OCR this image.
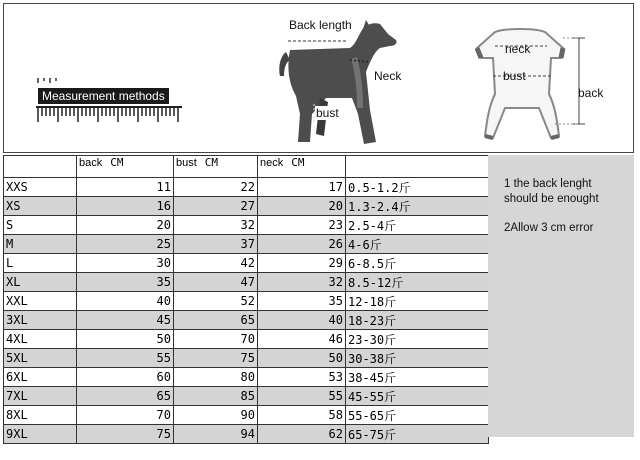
Measurement methods
Back length
Neck
bust
neck
bust
back
	back CM	bust CM	neck CM	
XXS	11	22	17	0.5-1.2斤
XS	16	27	20	1.3-2.4斤
S	20	32	23	2.5-4斤
M	25	37	26	4-6斤
L	30	42	29	6-8.5斤
XL	35	47	32	8.5-12斤
XXL	40	52	35	12-18斤
3XL	45	65	40	18-23斤
4XL	50	70	46	23-30斤
5XL	55	75	50	30-38斤
6XL	60	80	53	38-45斤
7XL	65	85	55	45-55斤
8XL	70	90	58	55-65斤
9XL	75	94	62	65-75斤

1 the back lenght should be enought

2Allow 3 cm error
